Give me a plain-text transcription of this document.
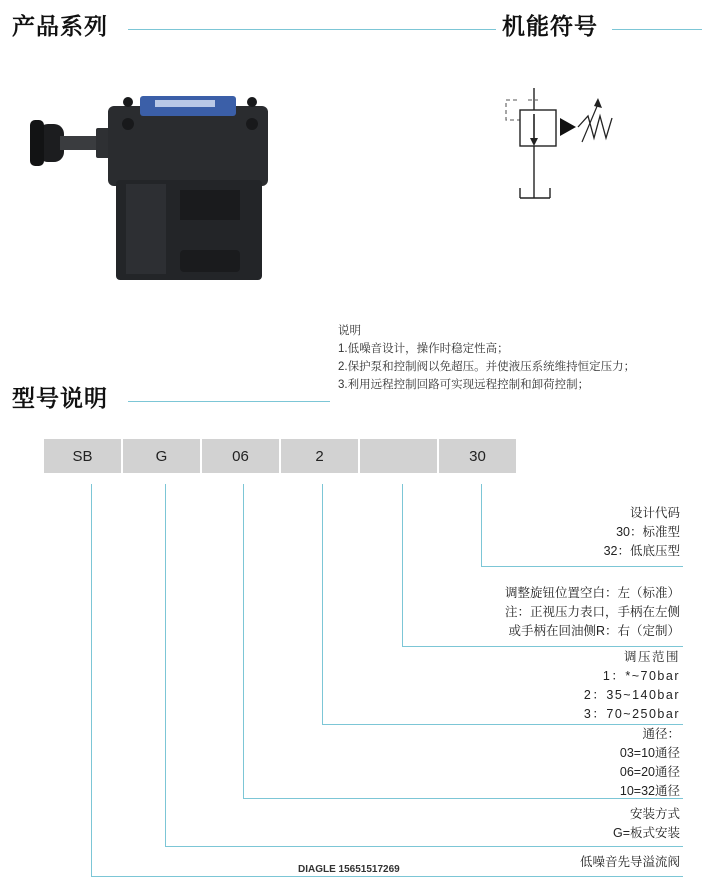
产品系列	机能符号
说明
1.低噪音设计，操作时稳定性高；
2.保护泵和控制阀以免超压。并使液压系统维持恒定压力；
3.利用远程控制回路可实现远程控制和卸荷控制；
型号说明
SB	G	06	2	30
设计代码
30：标准型
32：低底压型
调整旋钮位置空白：左（标准）
注：正视压力表口，手柄在左侧
或手柄在回油侧R：右（定制）
调压范围
1：*~70bar
2：35~140bar
3：70~250bar
通径：
03=10通径
06=20通径
10=32通径
安装方式
G=板式安装
低噪音先导溢流阀
DIAGLE 15651517269
